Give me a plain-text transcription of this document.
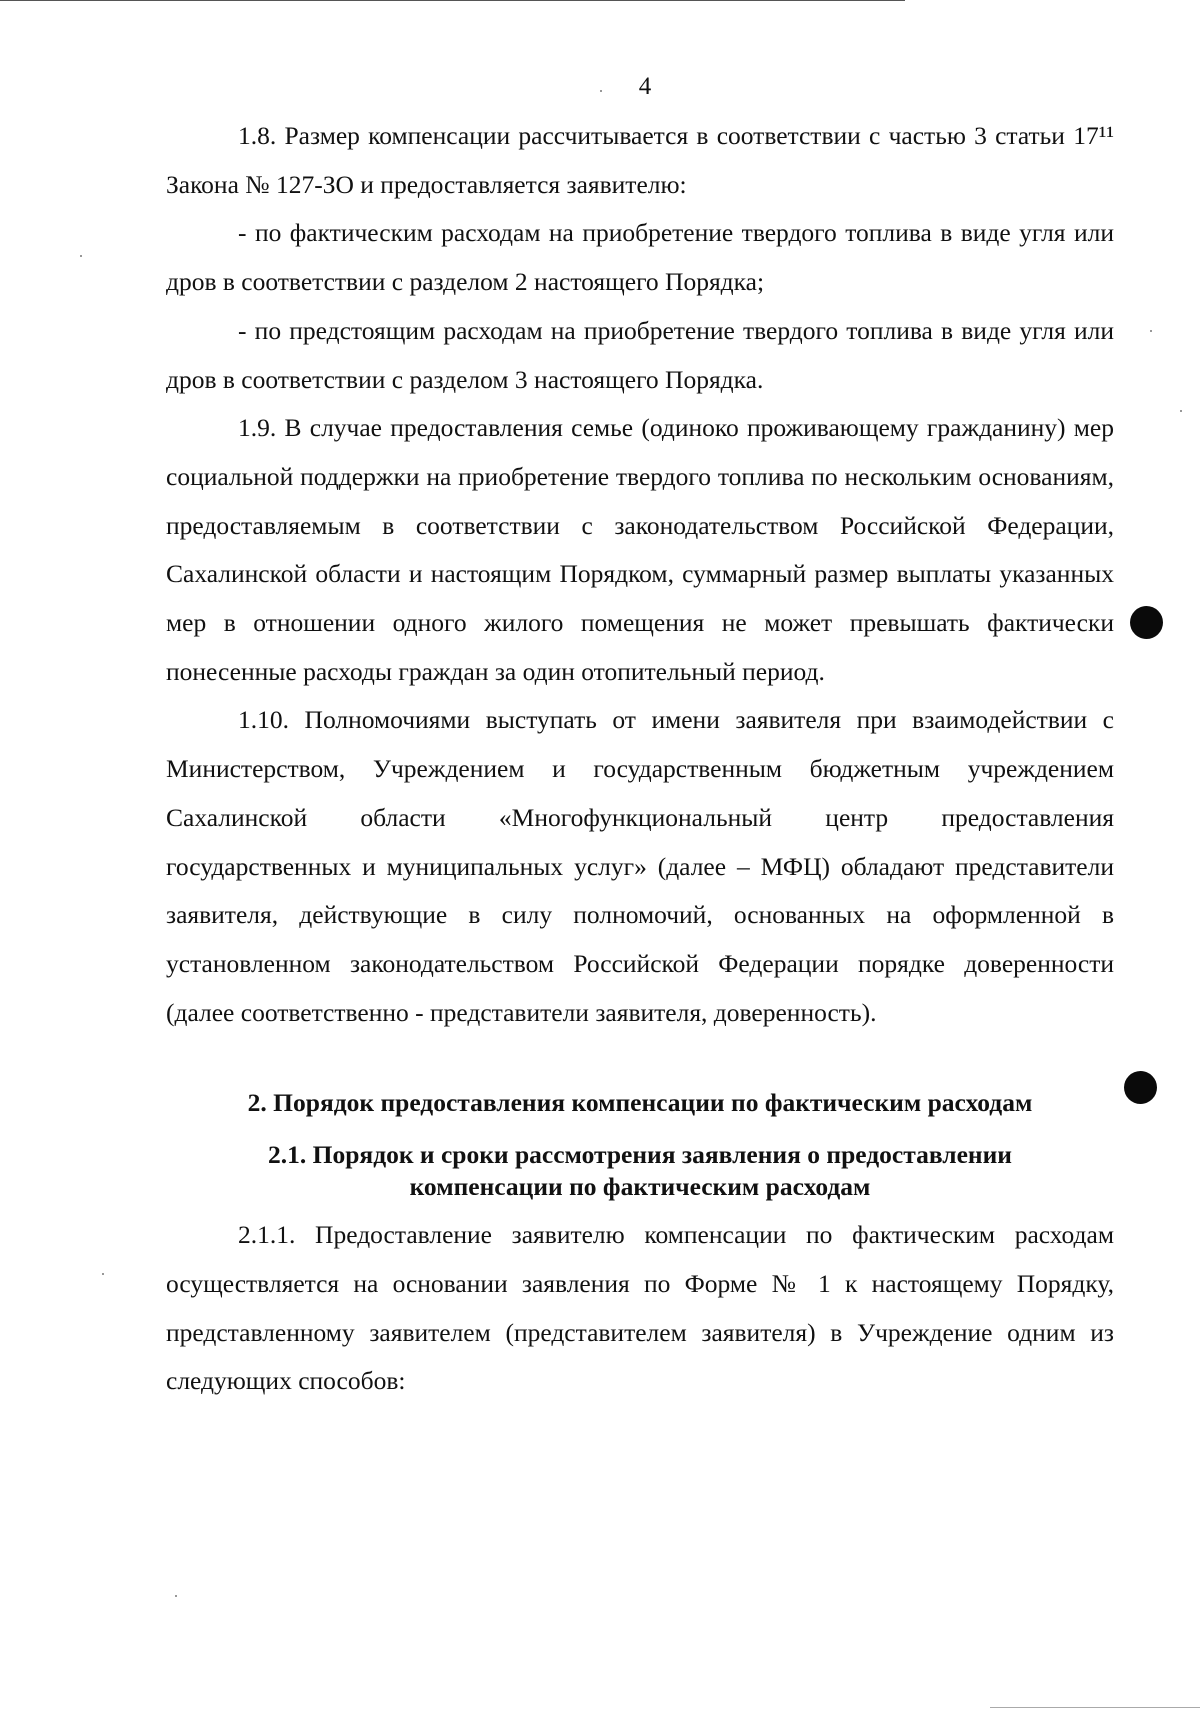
4

1.8. Размер компенсации рассчитывается в соответствии с частью 3 статьи 17¹¹ Закона № 127-ЗО и предоставляется заявителю:

- по фактическим расходам на приобретение твердого топлива в виде угля или дров в соответствии с разделом 2 настоящего Порядка;

- по предстоящим расходам на приобретение твердого топлива в виде угля или дров в соответствии с разделом 3 настоящего Порядка.

1.9. В случае предоставления семье (одиноко проживающему гражданину) мер социальной поддержки на приобретение твердого топлива по нескольким основаниям, предоставляемым в соответствии с законодательством Российской Федерации, Сахалинской области и настоящим Порядком, суммарный размер выплаты указанных мер в отношении одного жилого помещения не может превышать фактически понесенные расходы граждан за один отопительный период.

1.10. Полномочиями выступать от имени заявителя при взаимодействии с Министерством, Учреждением и государственным бюджетным учреждением Сахалинской области «Многофункциональный центр предоставления государственных и муниципальных услуг» (далее – МФЦ) обладают представители заявителя, действующие в силу полномочий, основанных на оформленной в установленном законодательством Российской Федерации порядке доверенности (далее соответственно - представители заявителя, доверенность).

2. Порядок предоставления компенсации по фактическим расходам
2.1. Порядок и сроки рассмотрения заявления о предоставлении
компенсации по фактическим расходам

2.1.1. Предоставление заявителю компенсации по фактическим расходам осуществляется на основании заявления по Форме № 1 к настоящему Порядку, представленному заявителем (представителем заявителя) в Учреждение одним из следующих способов:
